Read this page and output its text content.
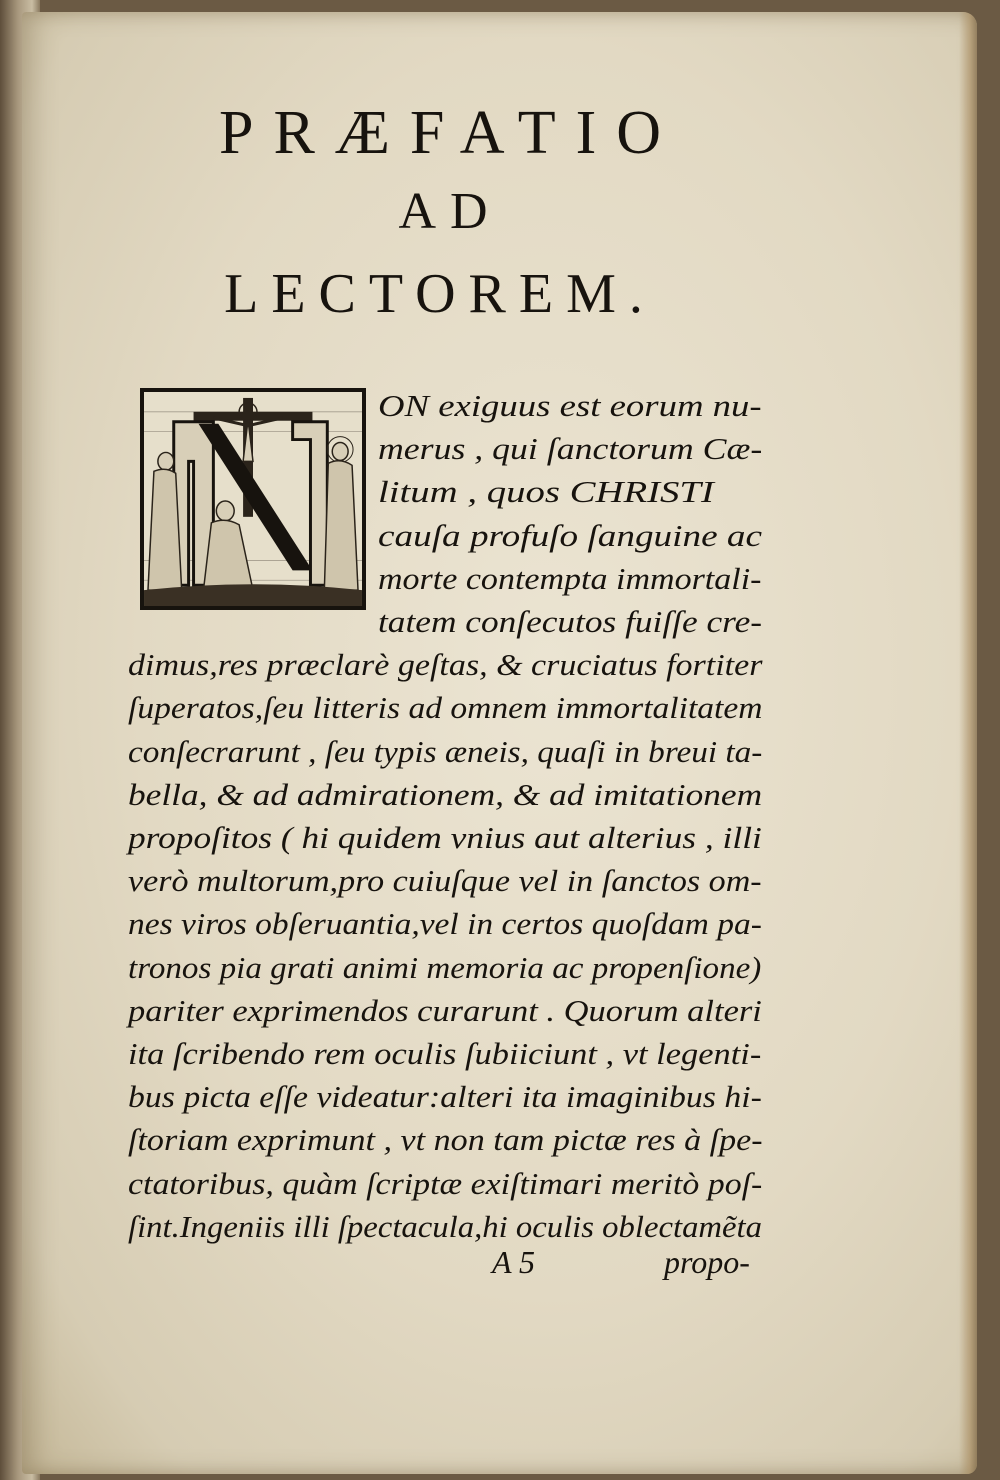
PRÆFATIO
AD
LECTOREM.
ON exiguus est eorum nu-
merus , qui ſanctorum Cæ-
litum , quos CHRISTI
cauſa profuſo ſanguine ac
morte contempta immortali-
tatem conſecutos fuiſſe cre-
dimus,res præclarè geſtas, & cruciatus fortiter
ſuperatos,ſeu litteris ad omnem immortalitatem
conſecrarunt , ſeu typis æneis, quaſi in breui ta-
bella, & ad admirationem, & ad imitationem
propoſitos ( hi quidem vnius aut alterius , illi
verò multorum,pro cuiuſque vel in ſanctos om-
nes viros obſeruantia,vel in certos quoſdam pa-
tronos pia grati animi memoria ac propenſione)
pariter exprimendos curarunt . Quorum alteri
ita ſcribendo rem oculis ſubiiciunt , vt legenti-
bus picta eſſe videatur:alteri ita imaginibus hi-
ſtoriam exprimunt , vt non tam pictæ res à ſpe-
ctatoribus, quàm ſcriptæ exiſtimari meritò poſ-
ſint.Ingeniis illi ſpectacula,hi oculis oblectamẽta
A 5	propo-
